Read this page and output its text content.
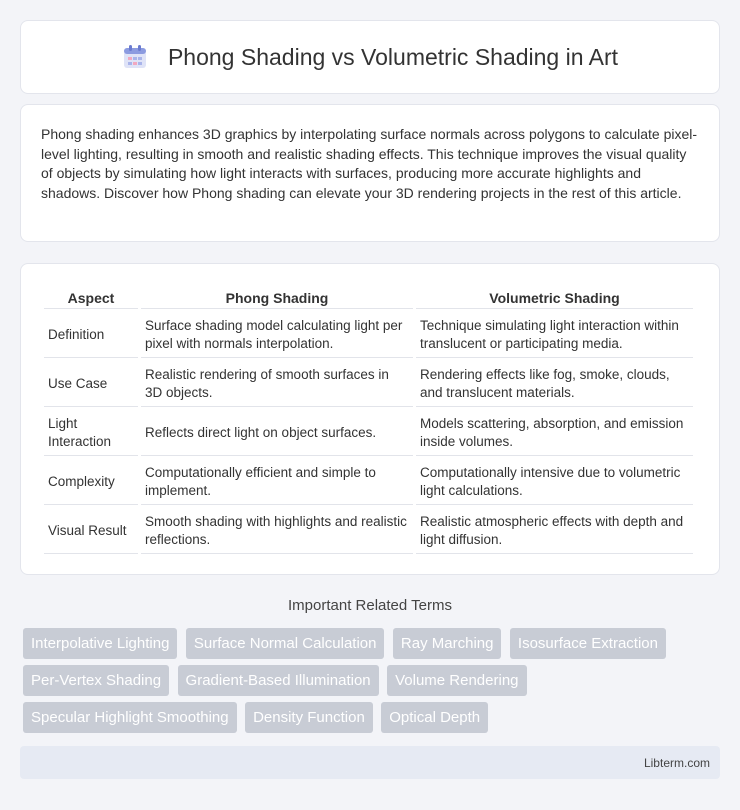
Phong Shading vs Volumetric Shading in Art

Phong shading enhances 3D graphics by interpolating surface normals across polygons to calculate pixel-level lighting, resulting in smooth and realistic shading effects. This technique improves the visual quality of objects by simulating how light interacts with surfaces, producing more accurate highlights and shadows. Discover how Phong shading can elevate your 3D rendering projects in the rest of this article.

Aspect	Phong Shading	Volumetric Shading
Definition	Surface shading model calculating light per pixel with normals interpolation.	Technique simulating light interaction within translucent or participating media.
Use Case	Realistic rendering of smooth surfaces in 3D objects.	Rendering effects like fog, smoke, clouds, and translucent materials.
Light Interaction	Reflects direct light on object surfaces.	Models scattering, absorption, and emission inside volumes.
Complexity	Computationally efficient and simple to implement.	Computationally intensive due to volumetric light calculations.
Visual Result	Smooth shading with highlights and realistic reflections.	Realistic atmospheric effects with depth and light diffusion.
Important Related Terms
Interpolative Lighting Surface Normal Calculation Ray Marching Isosurface Extraction Per-Vertex Shading Gradient-Based Illumination Volume Rendering Specular Highlight Smoothing Density Function Optical Depth
Libterm.com
